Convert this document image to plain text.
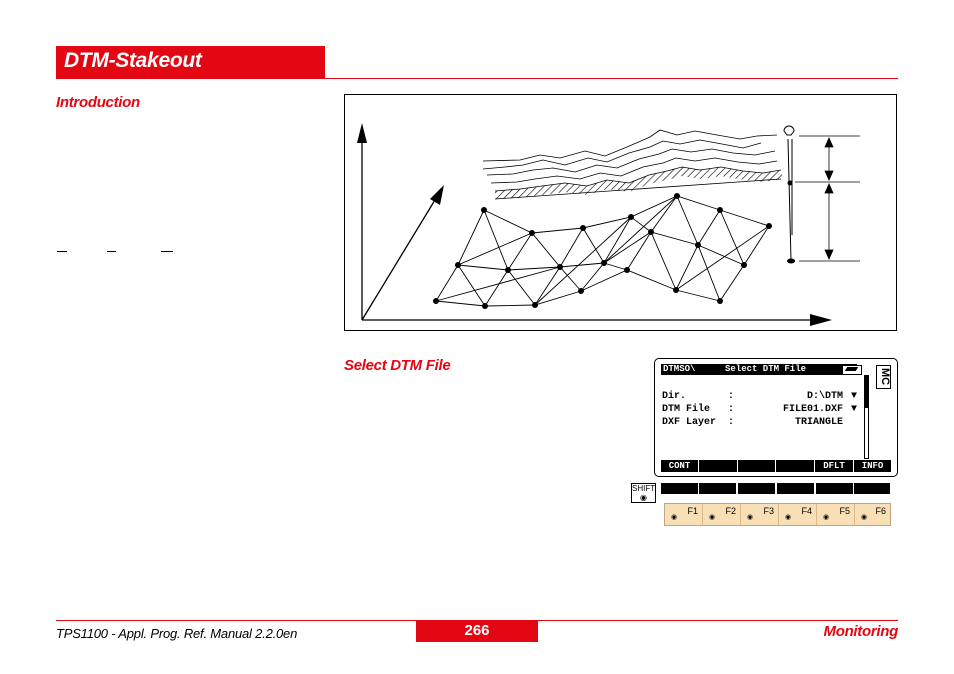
DTM-Stakeout
Introduction
Select DTM File	DTMSO\	Select DTM File	MC
Dir.       :	D:\DTM ▼
DTM File   :	FILE01.DXF ▼
DXF Layer  :	TRIANGLE
CONT	DFLT	INFO
SHIFT
◉
F1
◉
F2
◉
F3
◉
F4
◉
F5
◉
F6
◉
TPS1100 - Appl. Prog. Ref. Manual 2.2.0en	266	Monitoring
